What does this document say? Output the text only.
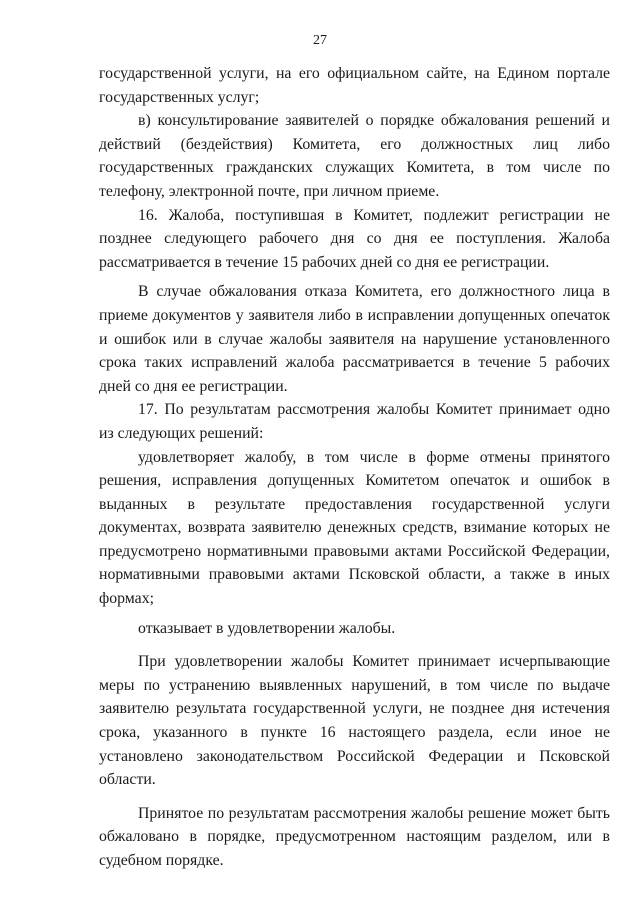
27

государственной услуги, на его официальном сайте, на Едином портале государственных услуг;

в) консультирование заявителей о порядке обжалования решений и действий (бездействия) Комитета, его должностных лиц либо государственных гражданских служащих Комитета, в том числе по телефону, электронной почте, при личном приеме.

16. Жалоба, поступившая в Комитет, подлежит регистрации не позднее следующего рабочего дня со дня ее поступления. Жалоба рассматривается в течение 15 рабочих дней со дня ее регистрации.

В случае обжалования отказа Комитета, его должностного лица в приеме документов у заявителя либо в исправлении допущенных опечаток и ошибок или в случае жалобы заявителя на нарушение установленного срока таких исправлений жалоба рассматривается в течение 5 рабочих дней со дня ее регистрации.

17. По результатам рассмотрения жалобы Комитет принимает одно из следующих решений:

удовлетворяет жалобу, в том числе в форме отмены принятого решения, исправления допущенных Комитетом опечаток и ошибок в выданных в результате предоставления государственной услуги документах, возврата заявителю денежных средств, взимание которых не предусмотрено нормативными правовыми актами Российской Федерации, нормативными правовыми актами Псковской области, а также в иных формах;

отказывает в удовлетворении жалобы.

При удовлетворении жалобы Комитет принимает исчерпывающие меры по устранению выявленных нарушений, в том числе по выдаче заявителю результата государственной услуги, не позднее дня истечения срока, указанного в пункте 16 настоящего раздела, если иное не установлено законодательством Российской Федерации и Псковской области.

Принятое по результатам рассмотрения жалобы решение может быть обжаловано в порядке, предусмотренном настоящим разделом, или в судебном порядке.
